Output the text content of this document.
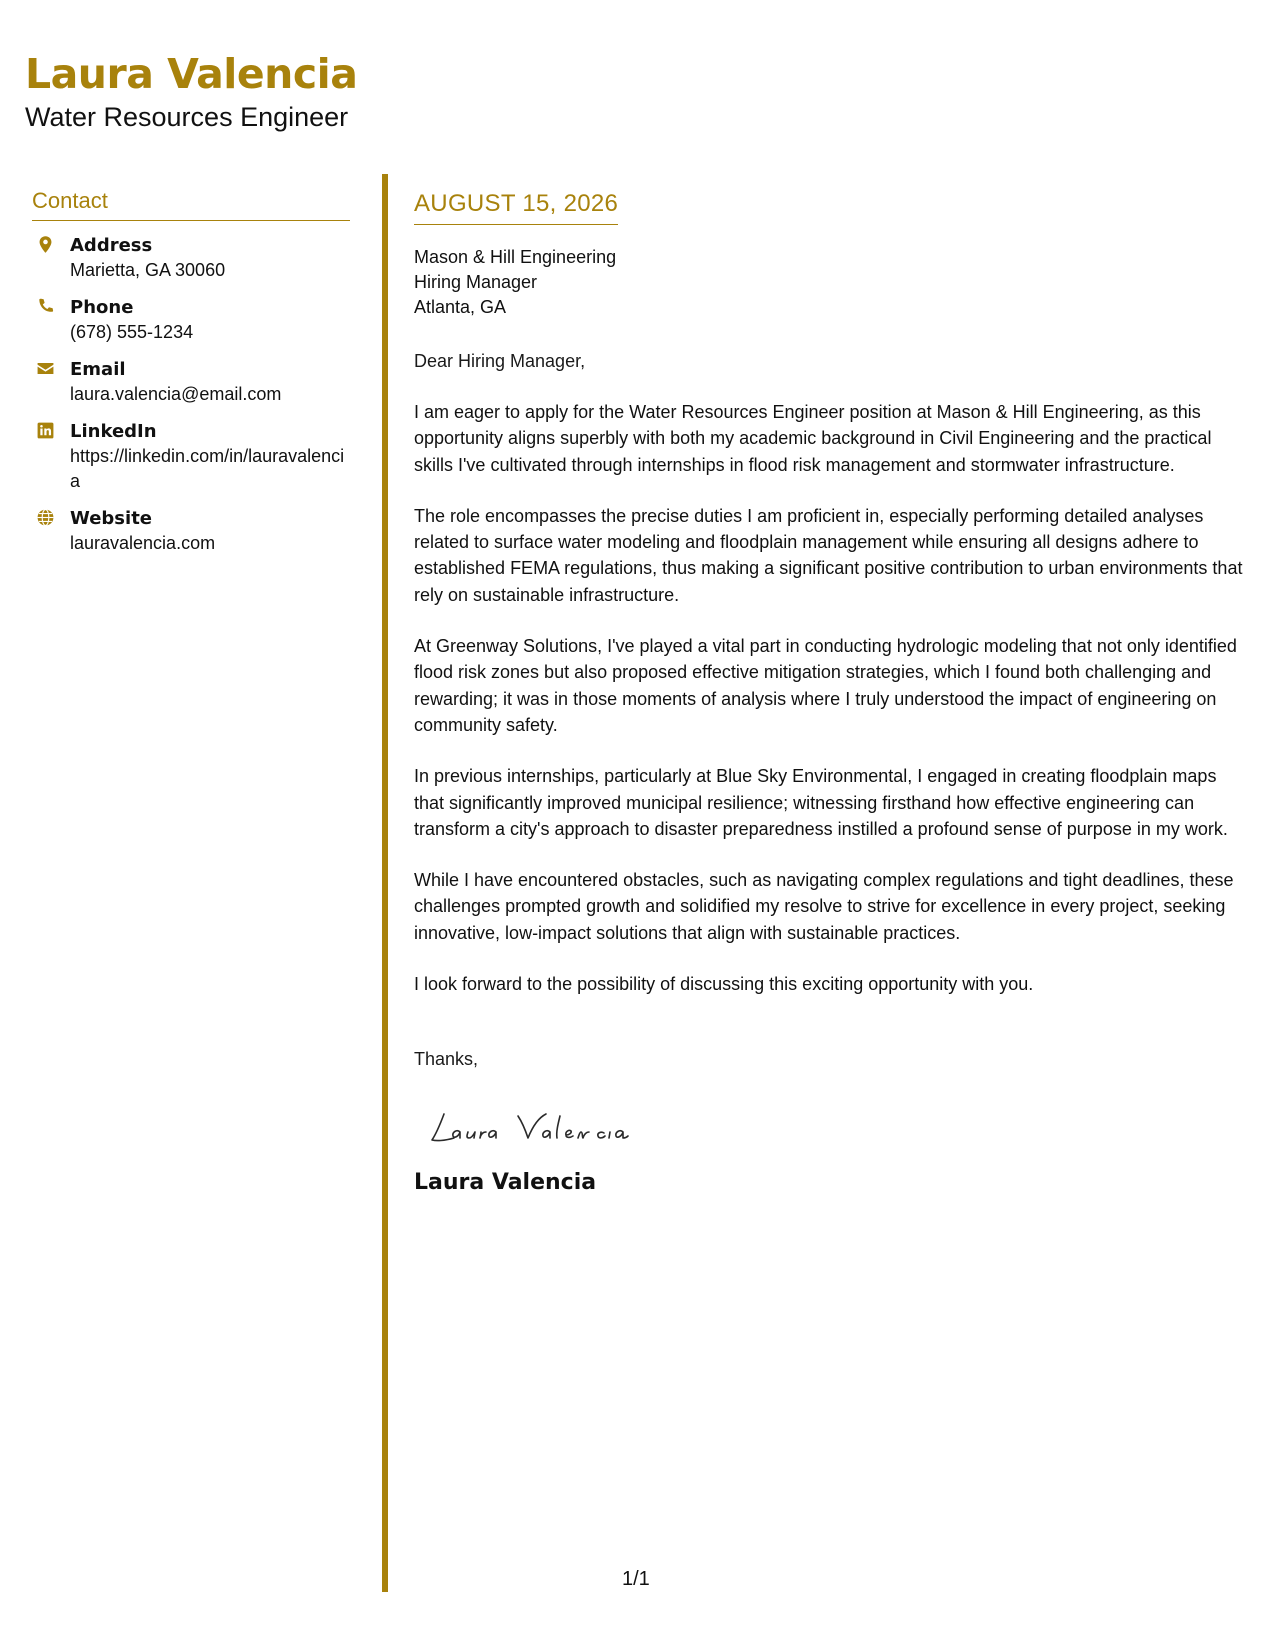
Laura Valencia
Water Resources Engineer
Contact
Address
Marietta, GA 30060
Phone
(678) 555-1234
Email
laura.valencia@email.com
LinkedIn
https://linkedin.com/in/lauravalencia
Website
lauravalencia.com
AUGUST 15, 2026
Mason & Hill Engineering
Hiring Manager
Atlanta, GA
Dear Hiring Manager,
I am eager to apply for the Water Resources Engineer position at Mason & Hill Engineering, as this opportunity aligns superbly with both my academic background in Civil Engineering and the practical skills I've cultivated through internships in flood risk management and stormwater infrastructure.
The role encompasses the precise duties I am proficient in, especially performing detailed analyses related to surface water modeling and floodplain management while ensuring all designs adhere to established FEMA regulations, thus making a significant positive contribution to urban environments that rely on sustainable infrastructure.
At Greenway Solutions, I've played a vital part in conducting hydrologic modeling that not only identified flood risk zones but also proposed effective mitigation strategies, which I found both challenging and rewarding; it was in those moments of analysis where I truly understood the impact of engineering on community safety.
In previous internships, particularly at Blue Sky Environmental, I engaged in creating floodplain maps that significantly improved municipal resilience; witnessing firsthand how effective engineering can transform a city's approach to disaster preparedness instilled a profound sense of purpose in my work.
While I have encountered obstacles, such as navigating complex regulations and tight deadlines, these challenges prompted growth and solidified my resolve to strive for excellence in every project, seeking innovative, low-impact solutions that align with sustainable practices.
I look forward to the possibility of discussing this exciting opportunity with you.
Thanks,
Laura Valencia
1/1
